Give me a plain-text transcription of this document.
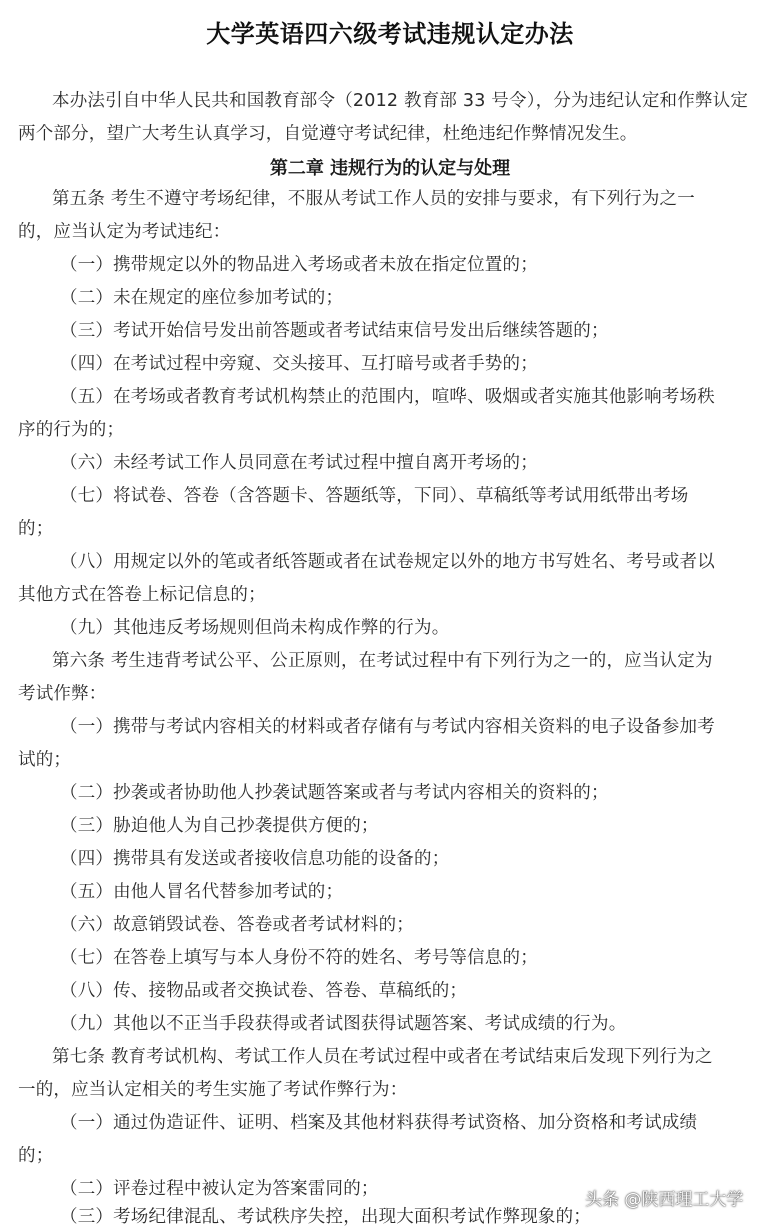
大学英语四六级考试违规认定办法
本办法引自中华人民共和国教育部令（2012 教育部 33 号令），分为违纪认定和作弊认定
两个部分，望广大考生认真学习，自觉遵守考试纪律，杜绝违纪作弊情况发生。
第二章 违规行为的认定与处理
第五条 考生不遵守考场纪律，不服从考试工作人员的安排与要求，有下列行为之一
的，应当认定为考试违纪：
（一）携带规定以外的物品进入考场或者未放在指定位置的；
（二）未在规定的座位参加考试的；
（三）考试开始信号发出前答题或者考试结束信号发出后继续答题的；
（四）在考试过程中旁窥、交头接耳、互打暗号或者手势的；
（五）在考场或者教育考试机构禁止的范围内，喧哗、吸烟或者实施其他影响考场秩
序的行为的；
（六）未经考试工作人员同意在考试过程中擅自离开考场的；
（七）将试卷、答卷（含答题卡、答题纸等，下同）、草稿纸等考试用纸带出考场
的；
（八）用规定以外的笔或者纸答题或者在试卷规定以外的地方书写姓名、考号或者以
其他方式在答卷上标记信息的；
（九）其他违反考场规则但尚未构成作弊的行为。
第六条 考生违背考试公平、公正原则，在考试过程中有下列行为之一的，应当认定为
考试作弊：
（一）携带与考试内容相关的材料或者存储有与考试内容相关资料的电子设备参加考
试的；
（二）抄袭或者协助他人抄袭试题答案或者与考试内容相关的资料的；
（三）胁迫他人为自己抄袭提供方便的；
（四）携带具有发送或者接收信息功能的设备的；
（五）由他人冒名代替参加考试的；
（六）故意销毁试卷、答卷或者考试材料的；
（七）在答卷上填写与本人身份不符的姓名、考号等信息的；
（八）传、接物品或者交换试卷、答卷、草稿纸的；
（九）其他以不正当手段获得或者试图获得试题答案、考试成绩的行为。
第七条 教育考试机构、考试工作人员在考试过程中或者在考试结束后发现下列行为之
一的，应当认定相关的考生实施了考试作弊行为：
（一）通过伪造证件、证明、档案及其他材料获得考试资格、加分资格和考试成绩
的；
（二）评卷过程中被认定为答案雷同的；
（三）考场纪律混乱、考试秩序失控，出现大面积考试作弊现象的；
头条 @陕西理工大学
